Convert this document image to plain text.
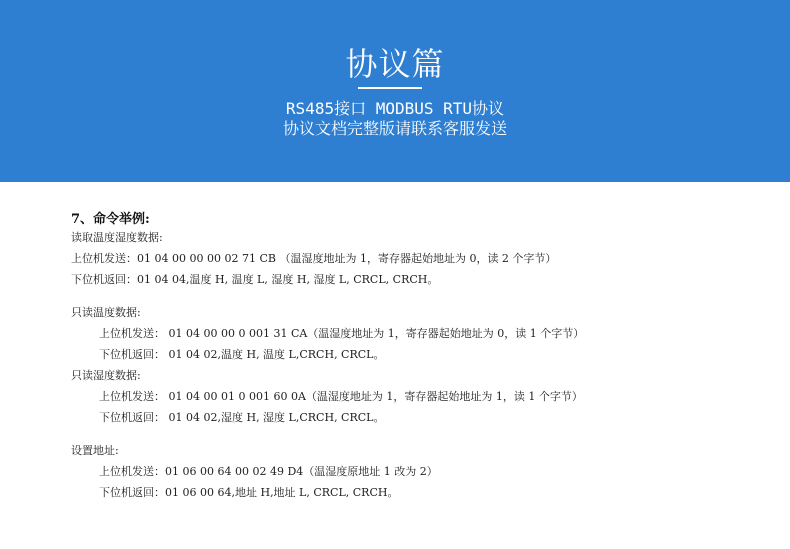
协议篇
RS485接口 MODBUS RTU协议
协议文档完整版请联系客服发送
7、命令举例:
读取温度湿度数据:
上位机发送：01 04 00 00 00 02 71 CB （温湿度地址为 1，寄存器起始地址为 0，读 2 个字节）
下位机返回：01 04 04,温度 H, 温度 L, 湿度 H, 湿度 L, CRCL, CRCH。
只读温度数据:
上位机发送： 01 04 00 00 0 001 31 CA（温湿度地址为 1，寄存器起始地址为 0，读 1 个字节）
下位机返回： 01 04 02,温度 H, 温度 L,CRCH, CRCL。
只读湿度数据:
上位机发送： 01 04 00 01 0 001 60 0A（温湿度地址为 1，寄存器起始地址为 1，读 1 个字节）
下位机返回： 01 04 02,湿度 H, 湿度 L,CRCH, CRCL。
设置地址:
上位机发送：01 06 00 64 00 02 49 D4（温湿度原地址 1 改为 2）
下位机返回：01 06 00 64,地址 H,地址 L, CRCL, CRCH。
